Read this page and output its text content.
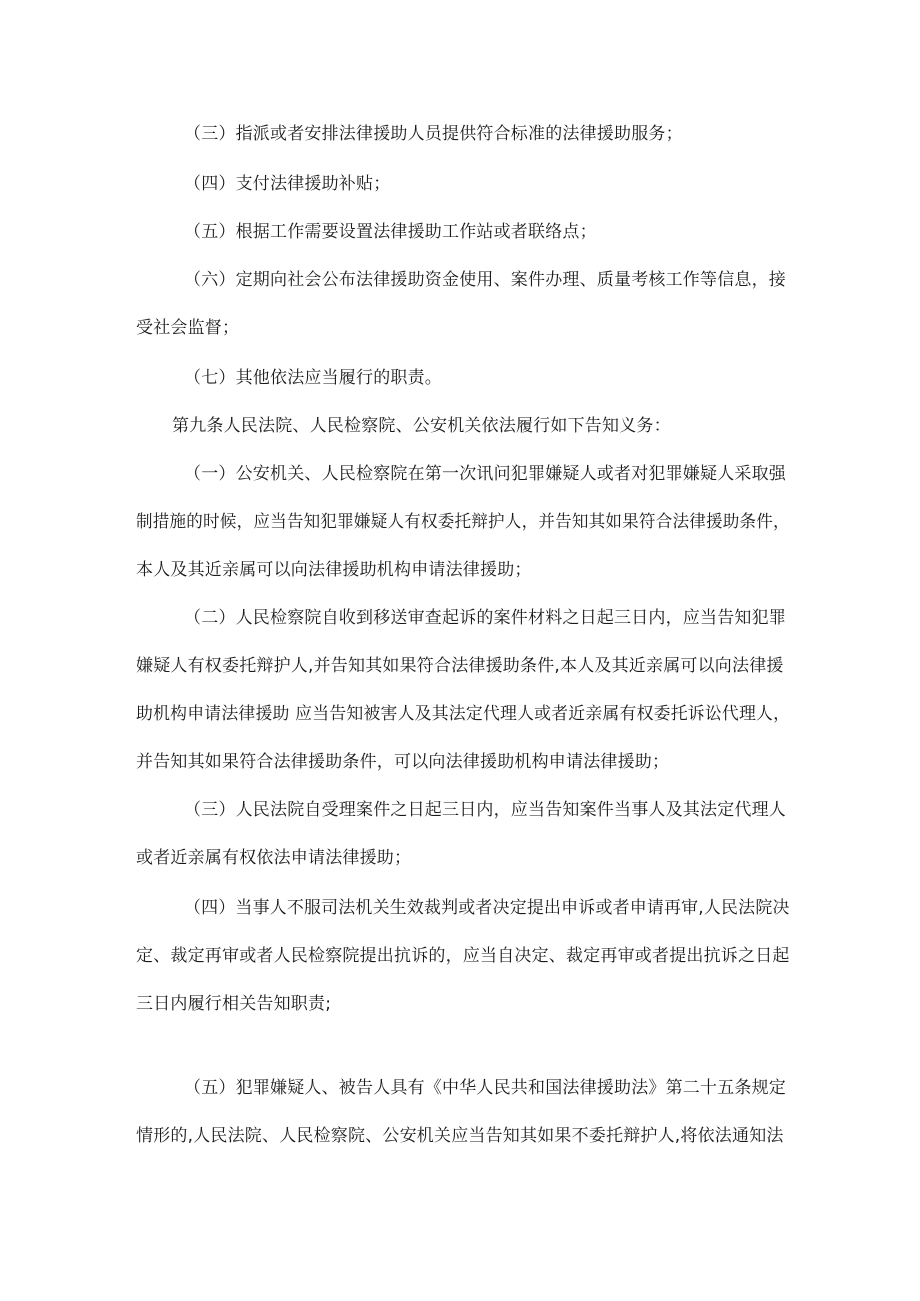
（三）指派或者安排法律援助人员提供符合标准的法律援助服务；
（四）支付法律援助补贴；
（五）根据工作需要设置法律援助工作站或者联络点；
（六）定期向社会公布法律援助资金使用、案件办理、质量考核工作等信息，接
受社会监督；
（七）其他依法应当履行的职责。
第九条人民法院、人民检察院、公安机关依法履行如下告知义务：
（一）公安机关、人民检察院在第一次讯问犯罪嫌疑人或者对犯罪嫌疑人采取强
制措施的时候，应当告知犯罪嫌疑人有权委托辩护人，并告知其如果符合法律援助条件，
本人及其近亲属可以向法律援助机构申请法律援助；
（二）人民检察院自收到移送审查起诉的案件材料之日起三日内，应当告知犯罪
嫌疑人有权委托辩护人,并告知其如果符合法律援助条件,本人及其近亲属可以向法律援
助机构申请法律援助 应当告知被害人及其法定代理人或者近亲属有权委托诉讼代理人，
并告知其如果符合法律援助条件，可以向法律援助机构申请法律援助；
（三）人民法院自受理案件之日起三日内，应当告知案件当事人及其法定代理人
或者近亲属有权依法申请法律援助；
（四）当事人不服司法机关生效裁判或者决定提出申诉或者申请再审,人民法院决
定、裁定再审或者人民检察院提出抗诉的，应当自决定、裁定再审或者提出抗诉之日起
三日内履行相关告知职责;
（五）犯罪嫌疑人、被告人具有《中华人民共和国法律援助法》第二十五条规定
情形的,人民法院、人民检察院、公安机关应当告知其如果不委托辩护人,将依法通知法
